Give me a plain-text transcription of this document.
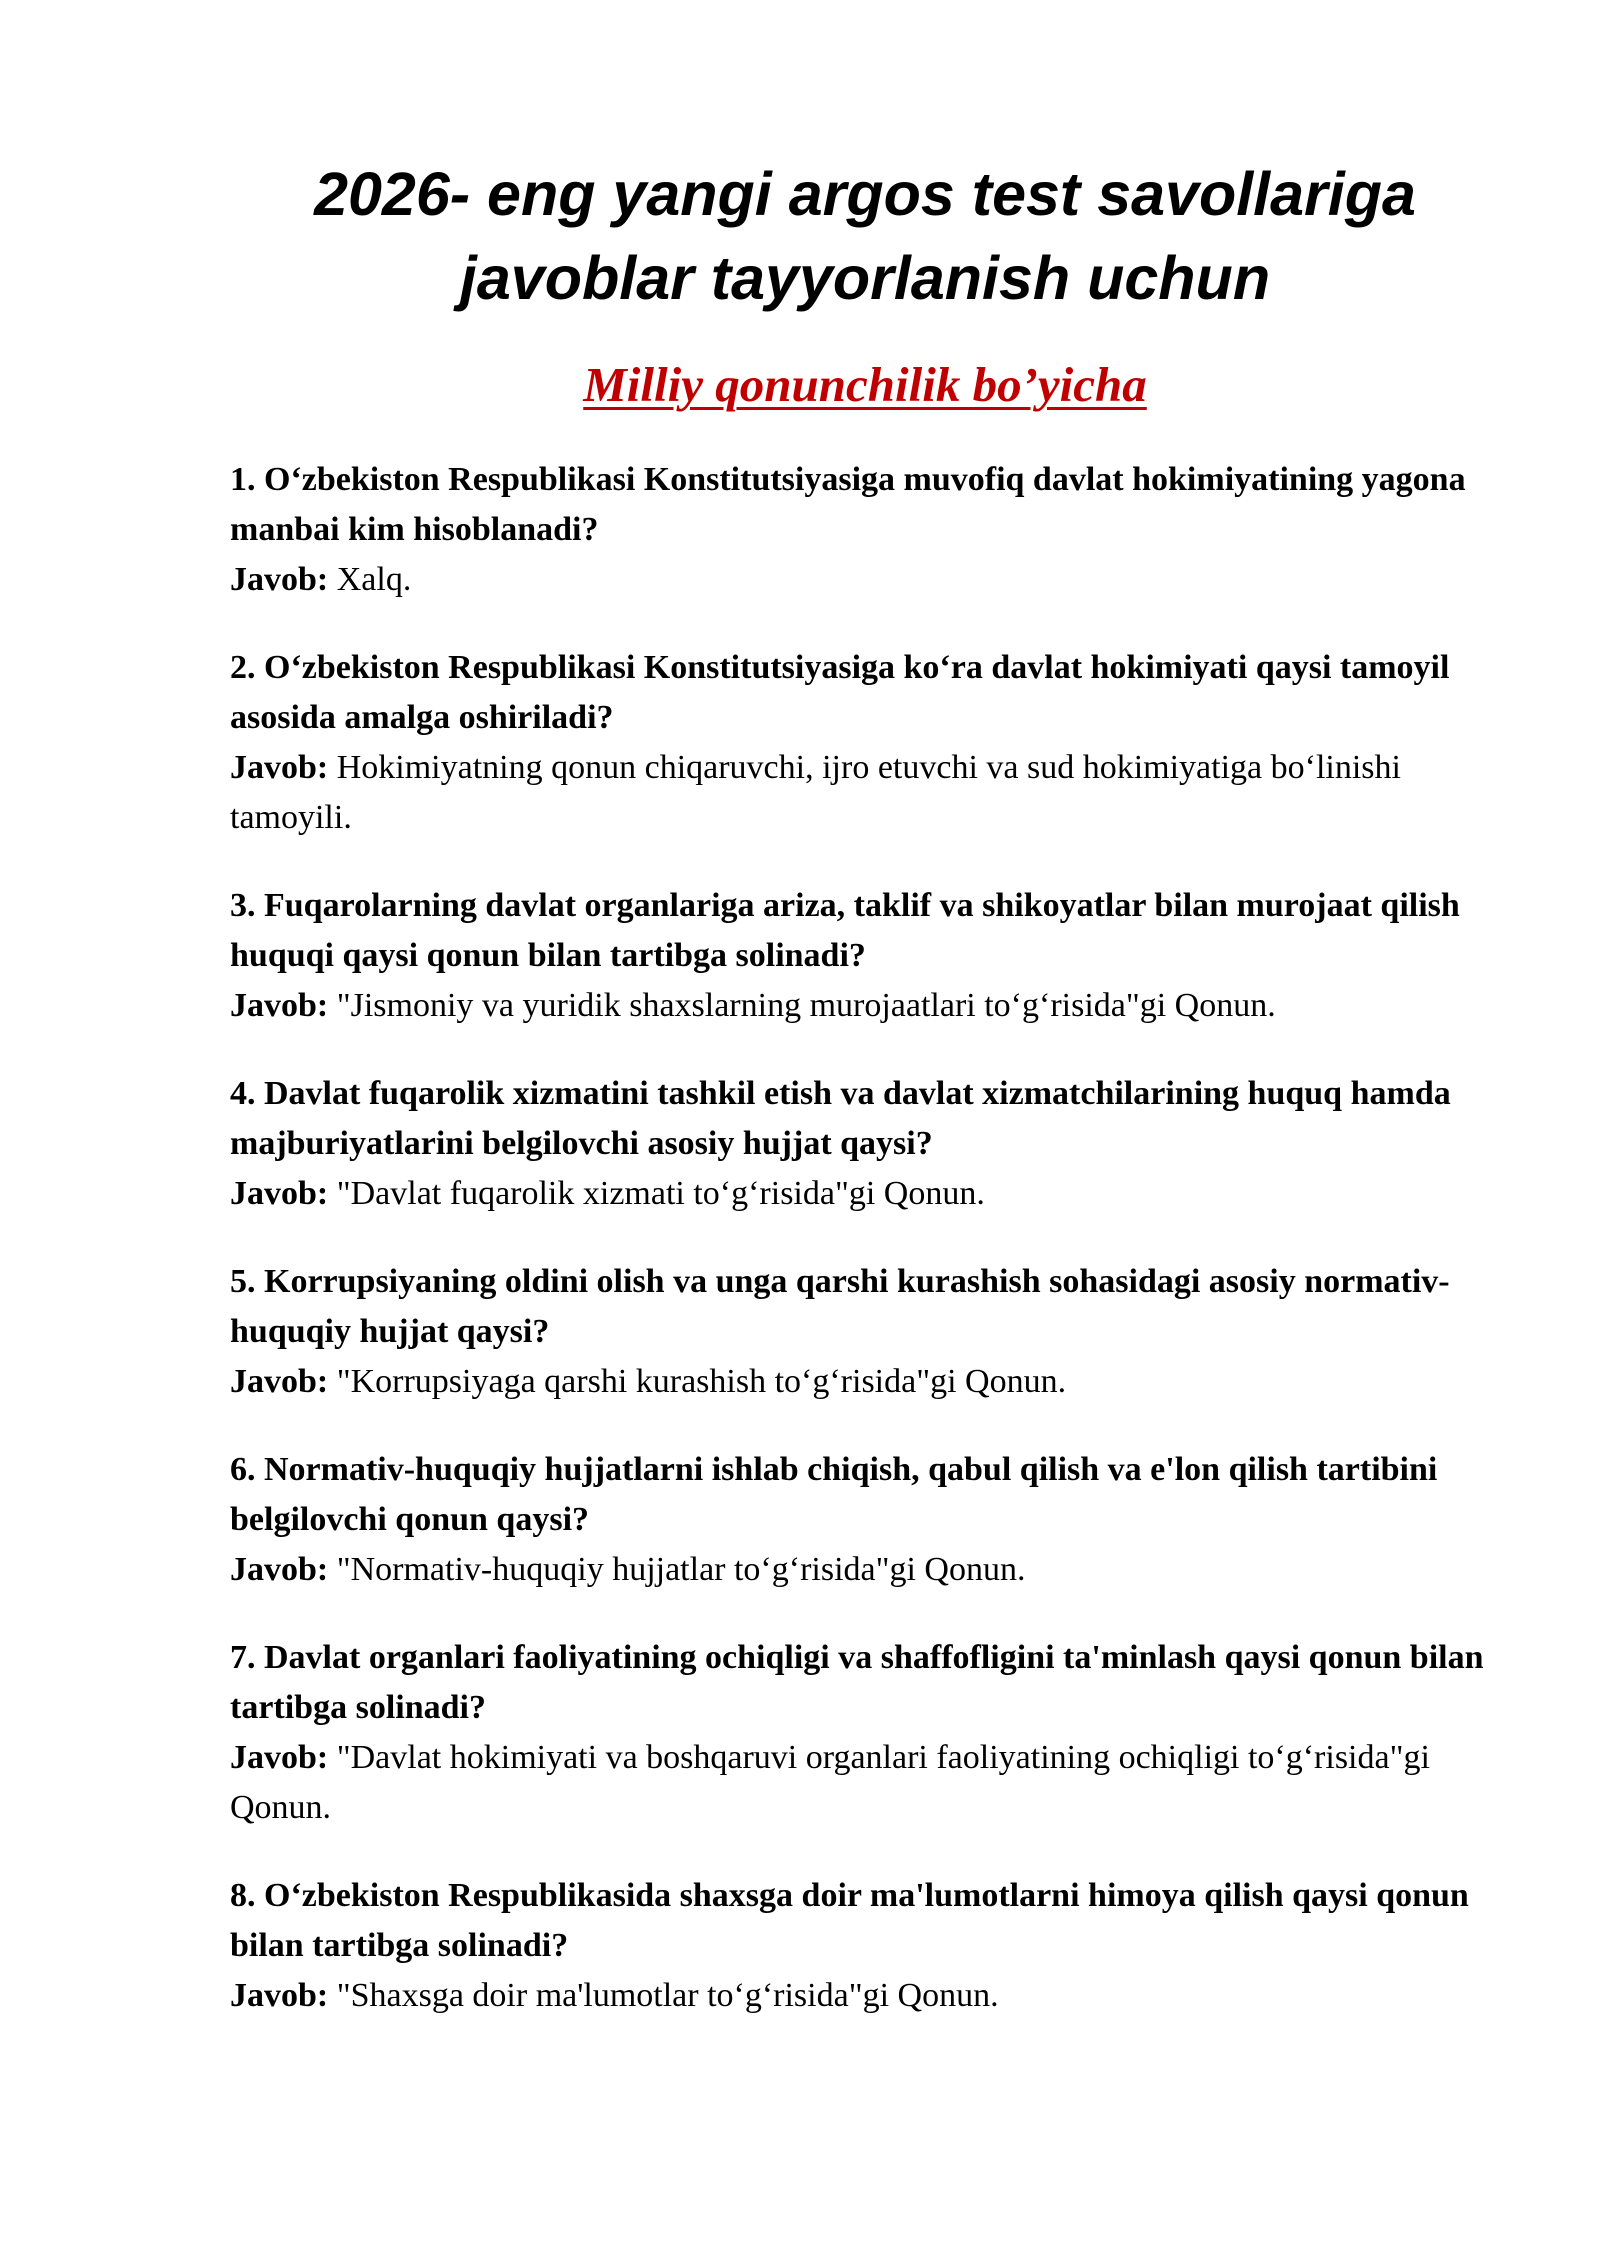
2026- eng yangi argos test savollariga javoblar tayyorlanish uchun
Milliy qonunchilik bo’yicha

1. O‘zbekiston Respublikasi Konstitutsiyasiga muvofiq davlat hokimiyatining yagona manbai kim hisoblanadi?

Javob: Xalq.

2. O‘zbekiston Respublikasi Konstitutsiyasiga ko‘ra davlat hokimiyati qaysi tamoyil asosida amalga oshiriladi?

Javob: Hokimiyatning qonun chiqaruvchi, ijro etuvchi va sud hokimiyatiga bo‘linishi tamoyili.

3. Fuqarolarning davlat organlariga ariza, taklif va shikoyatlar bilan murojaat qilish huquqi qaysi qonun bilan tartibga solinadi?

Javob: "Jismoniy va yuridik shaxslarning murojaatlari to‘g‘risida"gi Qonun.

4. Davlat fuqarolik xizmatini tashkil etish va davlat xizmatchilarining huquq hamda majburiyatlarini belgilovchi asosiy hujjat qaysi?

Javob: "Davlat fuqarolik xizmati to‘g‘risida"gi Qonun.

5. Korrupsiyaning oldini olish va unga qarshi kurashish sohasidagi asosiy normativ-huquqiy hujjat qaysi?

Javob: "Korrupsiyaga qarshi kurashish to‘g‘risida"gi Qonun.

6. Normativ-huquqiy hujjatlarni ishlab chiqish, qabul qilish va e'lon qilish tartibini belgilovchi qonun qaysi?

Javob: "Normativ-huquqiy hujjatlar to‘g‘risida"gi Qonun.

7. Davlat organlari faoliyatining ochiqligi va shaffofligini ta'minlash qaysi qonun bilan tartibga solinadi?

Javob: "Davlat hokimiyati va boshqaruvi organlari faoliyatining ochiqligi to‘g‘risida"gi Qonun.

8. O‘zbekiston Respublikasida shaxsga doir ma'lumotlarni himoya qilish qaysi qonun bilan tartibga solinadi?

Javob: "Shaxsga doir ma'lumotlar to‘g‘risida"gi Qonun.
